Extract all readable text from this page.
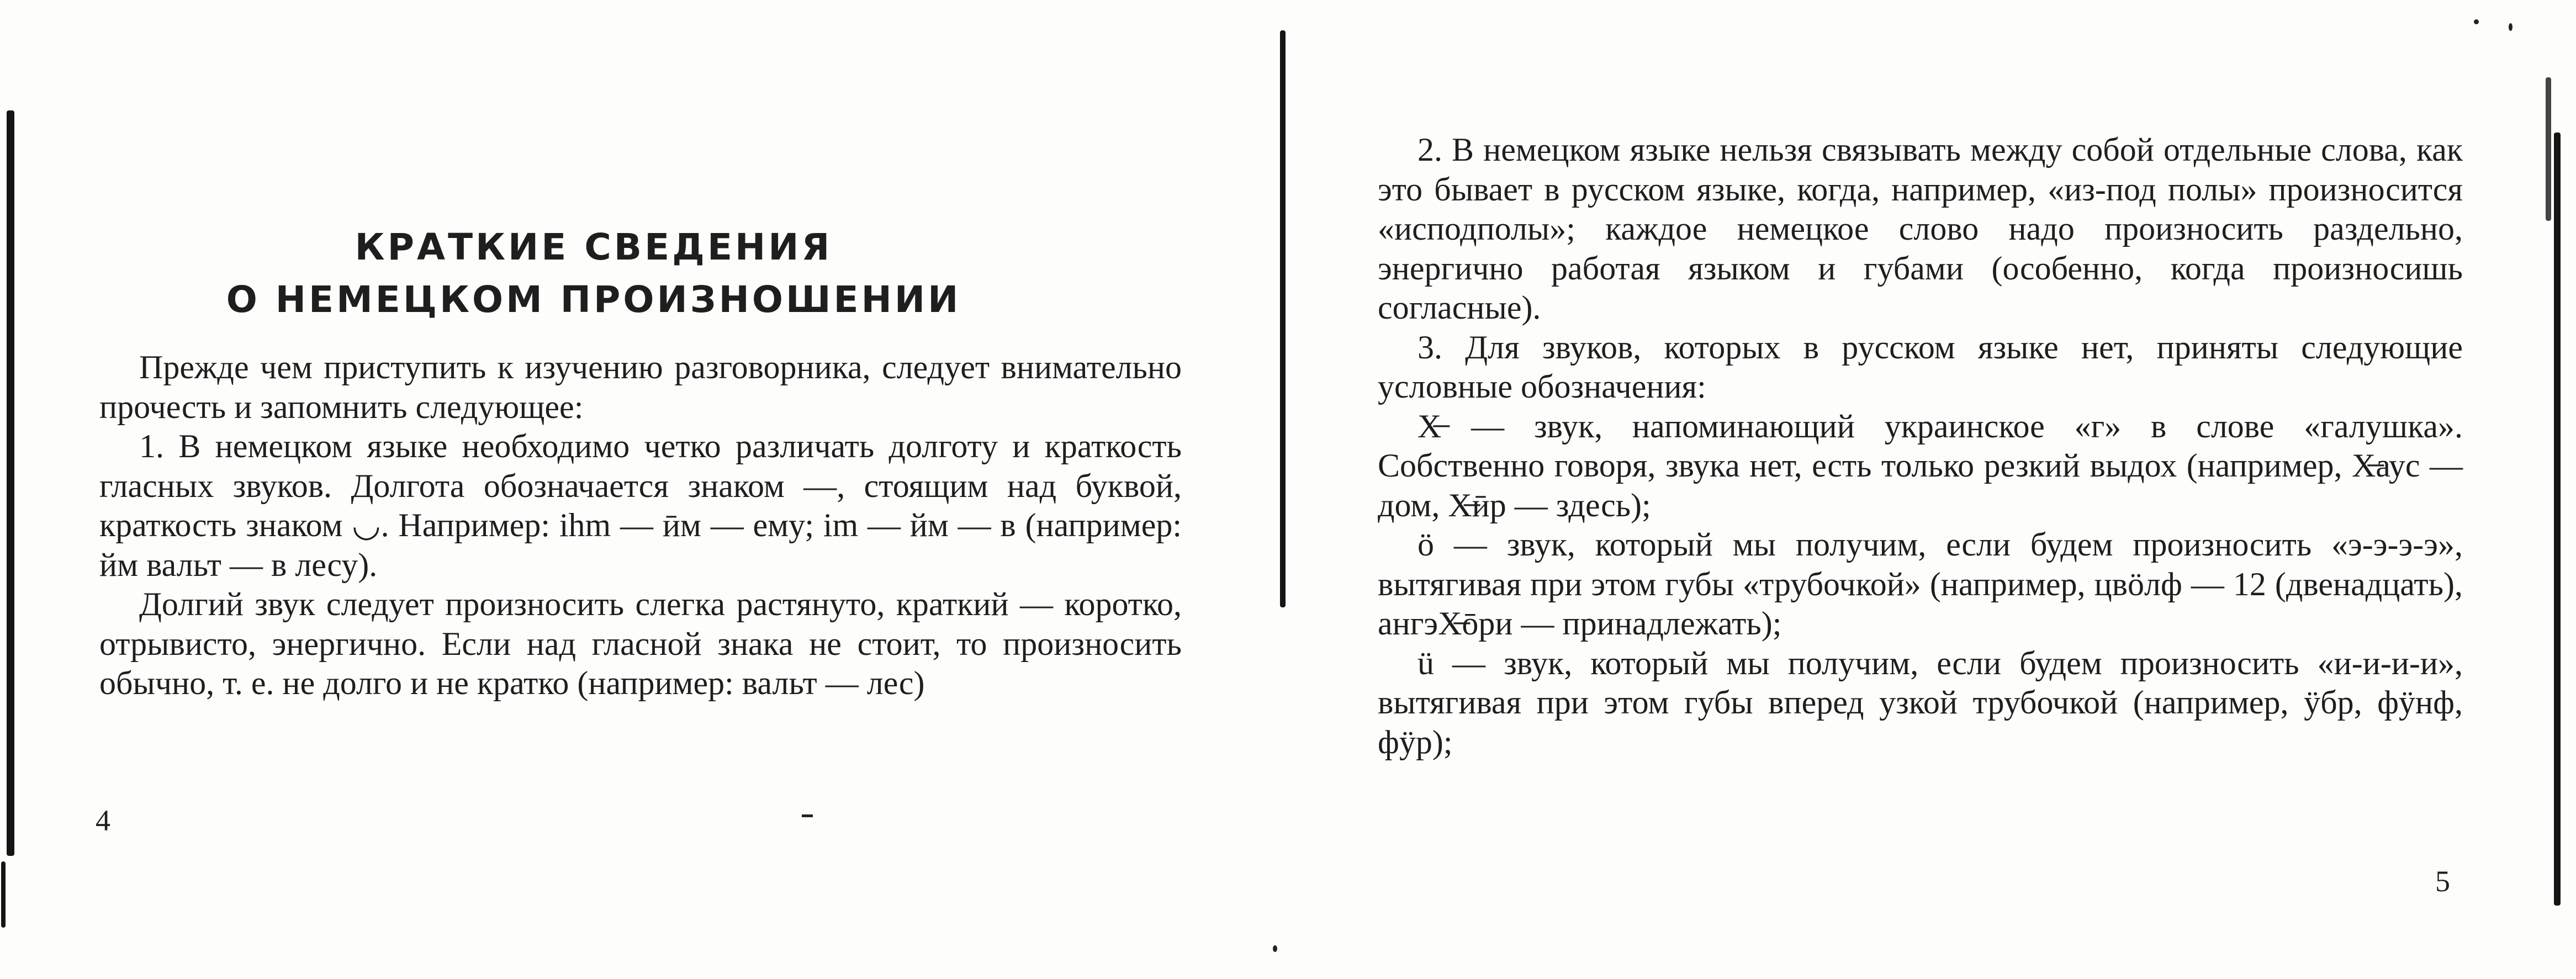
КРАТКИЕ СВЕДЕНИЯ
О НЕМЕЦКОМ ПРОИЗНОШЕНИИ

Прежде чем приступить к изучению разговорника, следует внимательно прочесть и запомнить следующее:

1. В немецком языке необходимо четко различать долготу и краткость гласных звуков. Долгота обозначается знаком —, стоящим над буквой, краткость знаком ◡. Например: ihm — ӣм — ему; im — йм — в (например: йм вальт — в лесу).

Долгий звук следует произносить слегка растянуто, краткий — коротко, отрывисто, энергично. Если над гласной знака не стоит, то произносить обычно, т. е. не долго и не кратко (например: вальт — лес)

4

2. В немецком языке нельзя связывать между собой отдельные слова, как это бывает в русском языке, когда, например, «из-под полы» произносится «исподполы»; каждое немецкое слово надо произносить раздельно, энергично работая языком и губами (особенно, когда произносишь согласные).

3. Для звуков, которых в русском языке нет, приняты следующие условные обозначения:

Х̶ — звук, напоминающий украинское «г» в слове «галушка». Собственно говоря, звука нет, есть только резкий выдох (например, Х̶аус — дом, Х̶ӣр — здесь);

ö — звук, который мы получим, если будем произносить «э-э-э-э», вытягивая при этом губы «трубочкой» (например, цвöлф — 12 (двенадцать), ангэХ̶ōри — принадлежать);

ü — звук, который мы получим, если будем произносить «и-и-и-и», вытягивая при этом губы вперед узкой трубочкой (например, ӱбр, фӱнф, фӱр);

5
